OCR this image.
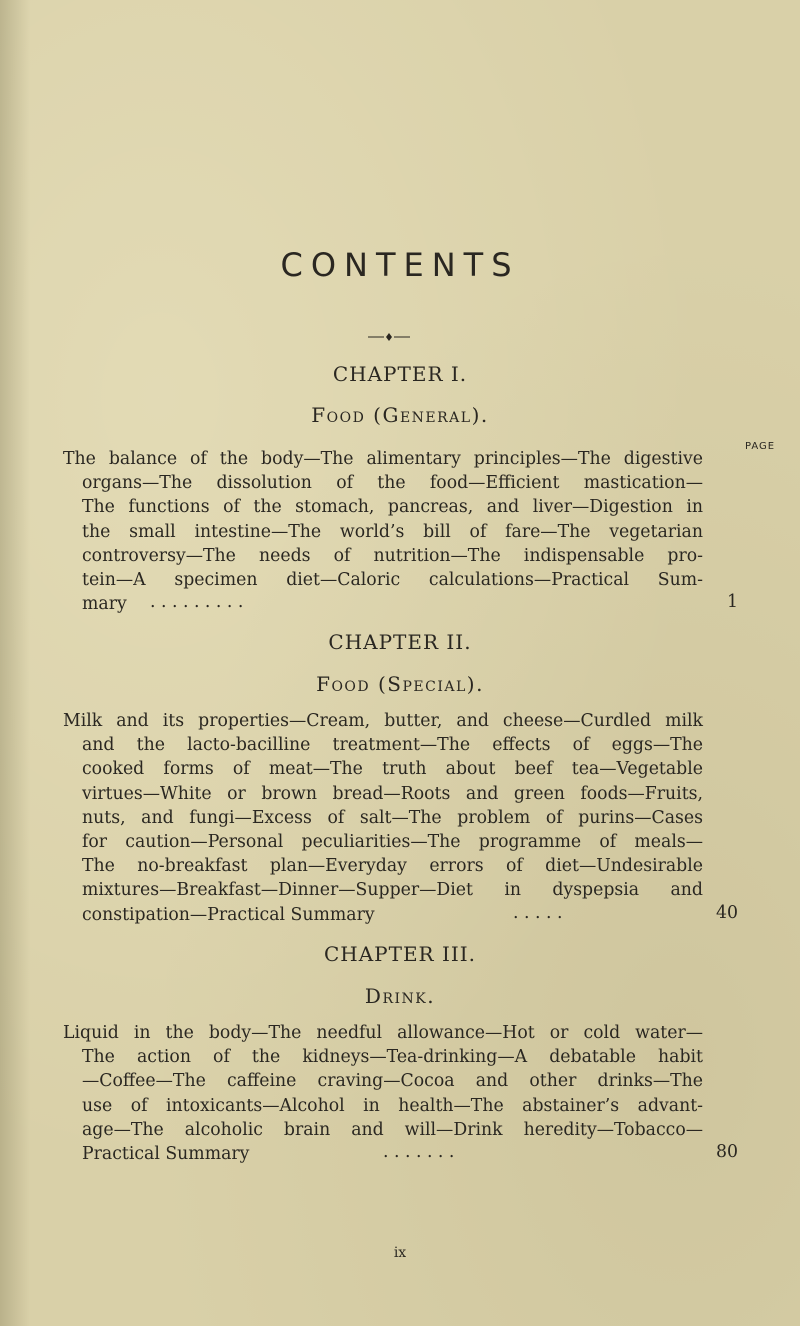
CONTENTS
CHAPTER I.
Food (General).
PAGE
The balance of the body—The alimentary principles—The digestive
organs—The dissolution of the food—Efficient mastication—
The functions of the stomach, pancreas, and liver—Digestion in
the small intestine—The world’s bill of fare—The vegetarian
controversy—The needs of nutrition—The indispensable pro-
tein—A specimen diet—Caloric calculations—Practical Sum-
mary	. . . . . . . . .	1
CHAPTER II.
Food (Special).
Milk and its properties—Cream, butter, and cheese—Curdled milk
and the lacto-bacilline treatment—The effects of eggs—The
cooked forms of meat—The truth about beef tea—Vegetable
virtues—White or brown bread—Roots and green foods—Fruits,
nuts, and fungi—Excess of salt—The problem of purins—Cases
for caution—Personal peculiarities—The programme of meals—
The no-breakfast plan—Everyday errors of diet—Undesirable
mixtures—Breakfast—Dinner—Supper—Diet in dyspepsia and
constipation—Practical Summary	. . . . .	40
CHAPTER III.
Drink.
Liquid in the body—The needful allowance—Hot or cold water—
The action of the kidneys—Tea-drinking—A debatable habit
—Coffee—The caffeine craving—Cocoa and other drinks—The
use of intoxicants—Alcohol in health—The abstainer’s advant-
age—The alcoholic brain and will—Drink heredity—Tobacco—
Practical Summary	. . . . . . .	80
ix
